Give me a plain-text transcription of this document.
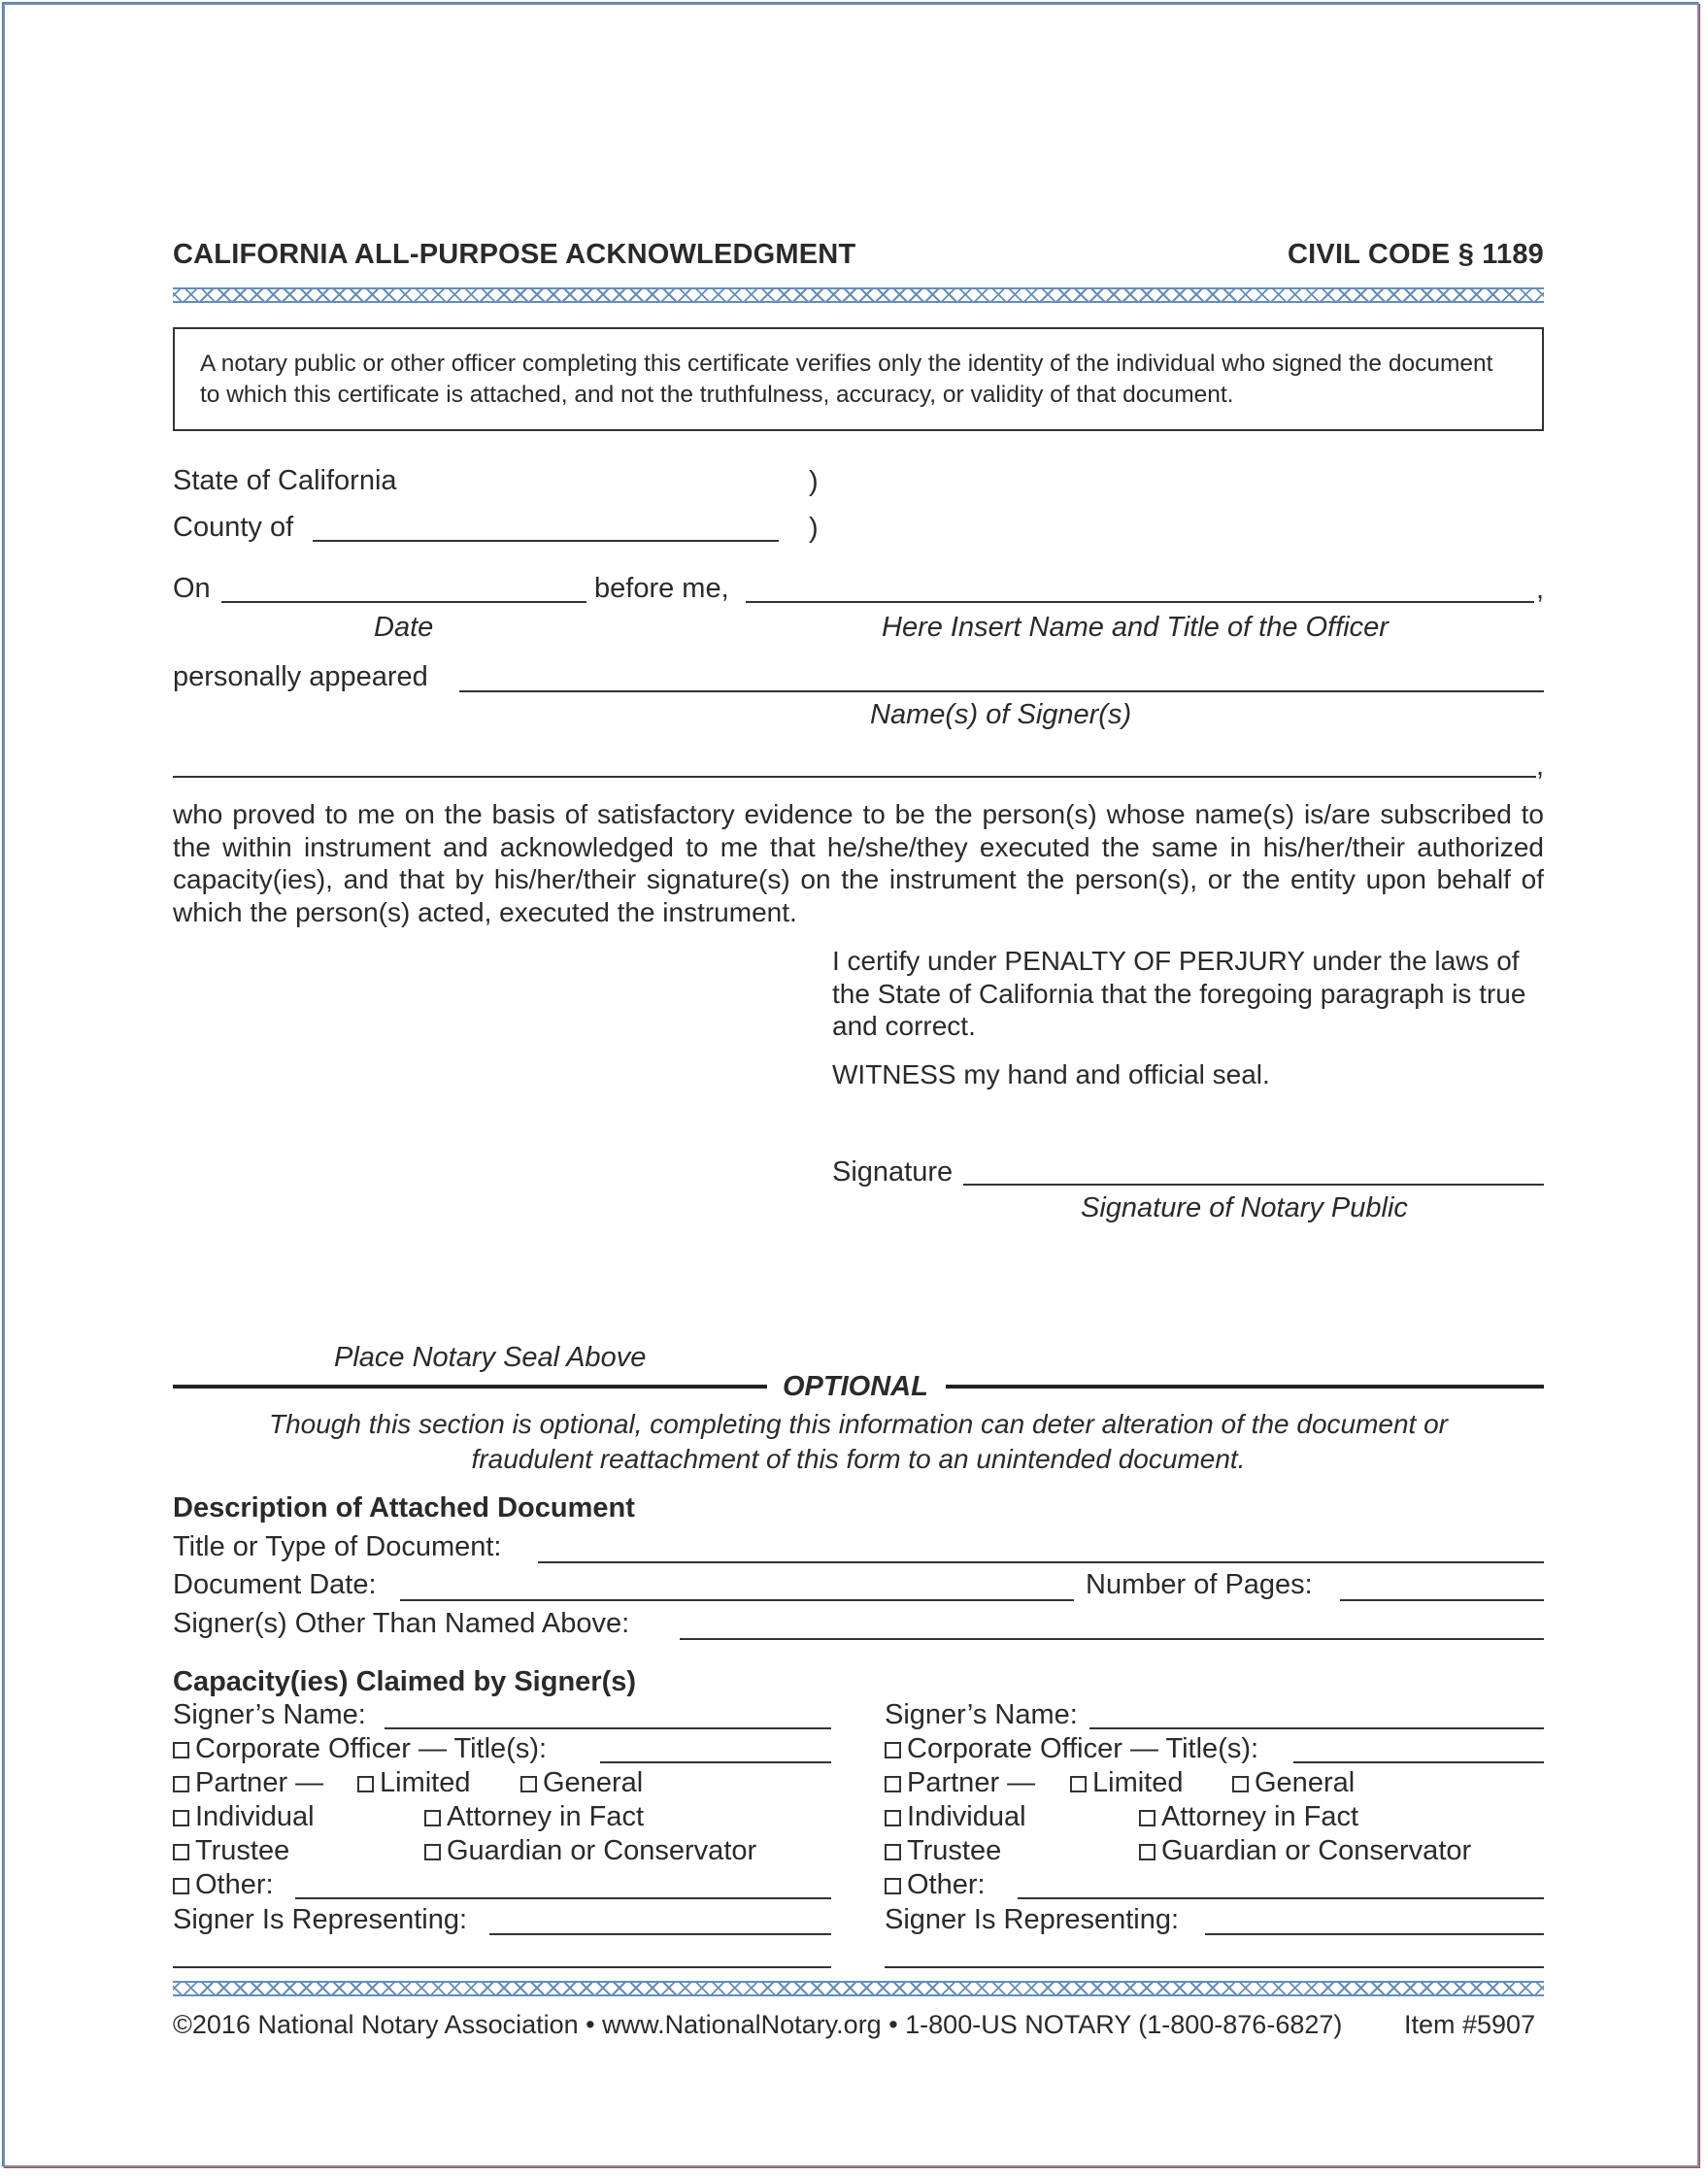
CALIFORNIA ALL-PURPOSE ACKNOWLEDGMENT	CIVIL CODE § 1189
A notary public or other officer completing this certificate verifies only the identity of the individual who signed the document to which this certificate is attached, and not the truthfulness, accuracy, or validity of that document.
State of California	)
County of	)
On	before me,	,
Date	Here Insert Name and Title of the Officer
personally appeared
Name(s) of Signer(s)
,
who proved to me on the basis of satisfactory evidence to be the person(s) whose name(s) is/are subscribed to the within instrument and acknowledged to me that he/she/they executed the same in his/her/their authorized capacity(ies), and that by his/her/their signature(s) on the instrument the person(s), or the entity upon behalf of which the person(s) acted, executed the instrument.
I certify under PENALTY OF PERJURY under the laws of the State of California that the foregoing paragraph is true and correct.
WITNESS my hand and official seal.
Signature
Signature of Notary Public
Place Notary Seal Above
OPTIONAL
Though this section is optional, completing this information can deter alteration of the document or
fraudulent reattachment of this form to an unintended document.
Description of Attached Document
Title or Type of Document:
Document Date:	Number of Pages:
Signer(s) Other Than Named Above:
Capacity(ies) Claimed by Signer(s)
Signer’s Name:
Corporate Officer — Title(s):
Partner —	Limited	General
Individual	Attorney in Fact
Trustee	Guardian or Conservator
Other:
Signer Is Representing:
Signer’s Name:
Corporate Officer — Title(s):
Partner —	Limited	General
Individual	Attorney in Fact
Trustee	Guardian or Conservator
Other:
Signer Is Representing:
©2016 National Notary Association • www.NationalNotary.org • 1-800-US NOTARY (1-800-876-6827) Item #5907
